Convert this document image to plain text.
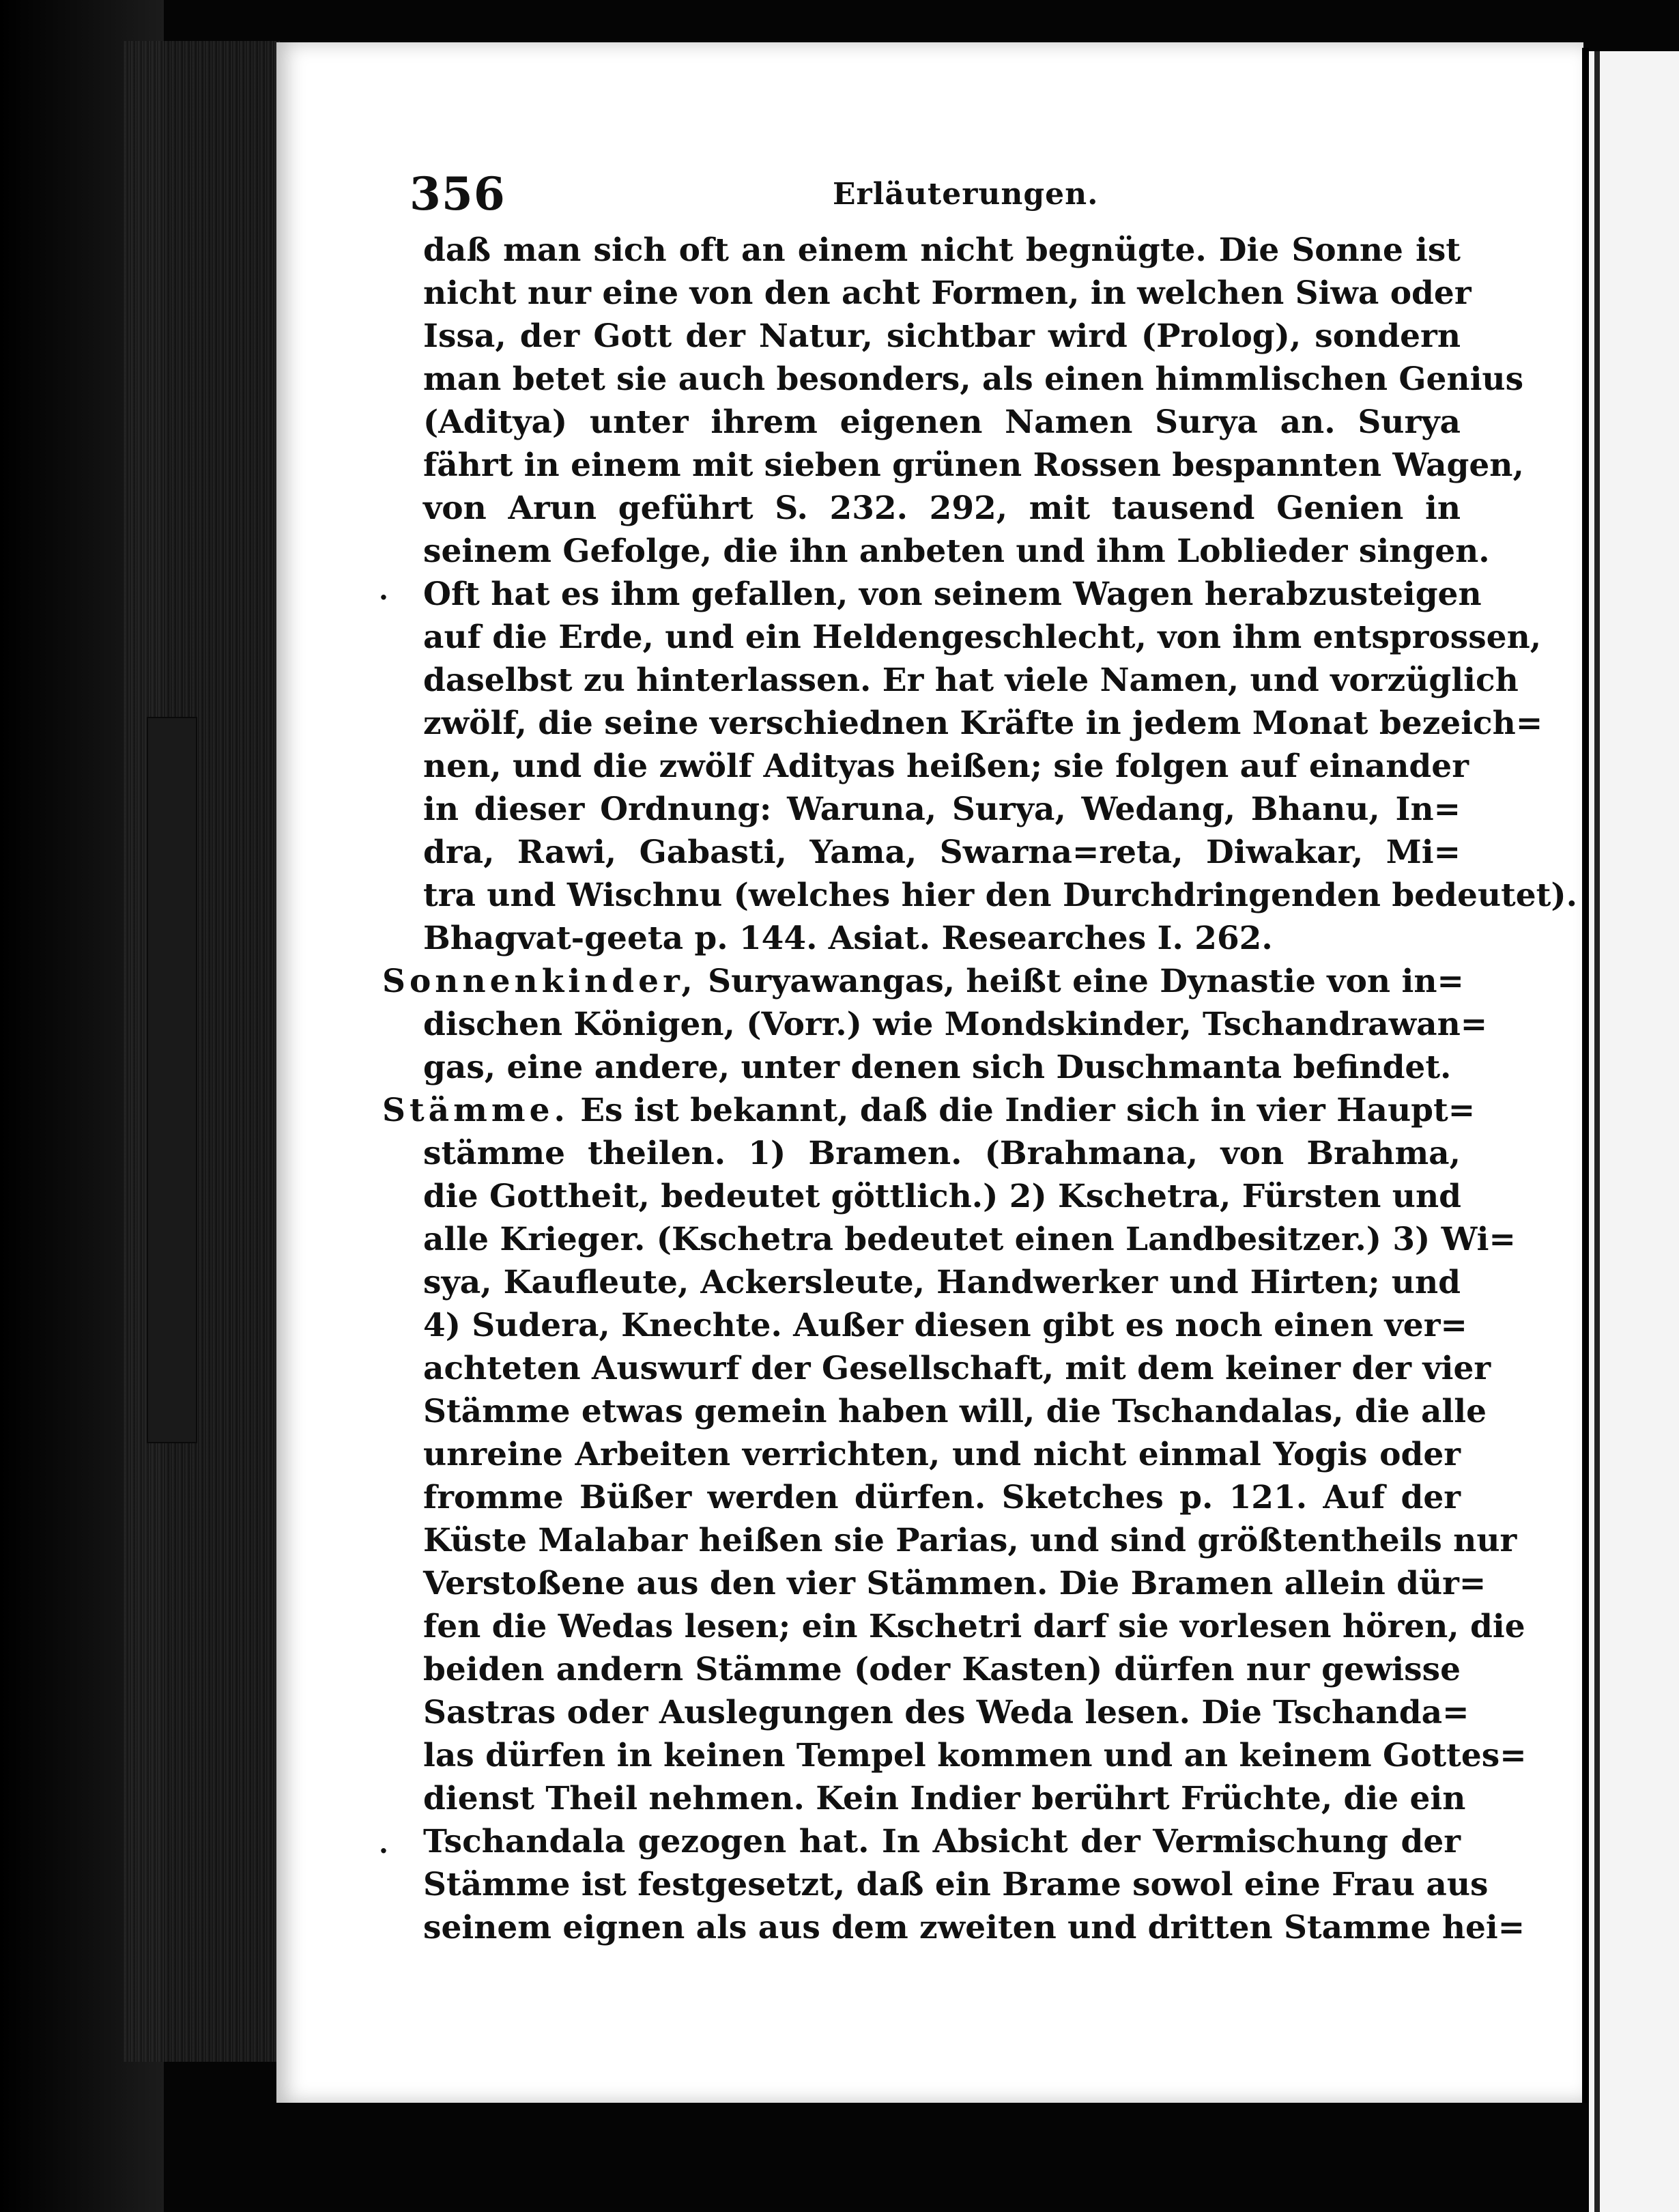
356	Erläuterungen.
·
·
daß man sich oft an einem nicht begnügte. Die Sonne ist
nicht nur eine von den acht Formen, in welchen Siwa oder
Issa, der Gott der Natur, sichtbar wird (Prolog), sondern
man betet sie auch besonders, als einen himmlischen Genius
(Aditya) unter ihrem eigenen Namen Surya an. Surya
fährt in einem mit sieben grünen Rossen bespannten Wagen,
von Arun geführt S. 232. 292, mit tausend Genien in
seinem Gefolge, die ihn anbeten und ihm Loblieder singen.
Oft hat es ihm gefallen, von seinem Wagen herabzusteigen
auf die Erde, und ein Heldengeschlecht, von ihm entsprossen,
daselbst zu hinterlassen. Er hat viele Namen, und vorzüglich
zwölf, die seine verschiednen Kräfte in jedem Monat bezeich=
nen, und die zwölf Adityas heißen; sie folgen auf einander
in dieser Ordnung: Waruna, Surya, Wedang, Bhanu, In=
dra, Rawi, Gabasti, Yama, Swarna=reta, Diwakar, Mi=
tra und Wischnu (welches hier den Durchdringenden bedeutet).
Bhagvat-geeta p. 144. Asiat. Researches I. 262.
Sonnenkinder, Suryawangas, heißt eine Dynastie von in=
dischen Königen, (Vorr.) wie Mondskinder, Tschandrawan=
gas, eine andere, unter denen sich Duschmanta befindet.
Stämme. Es ist bekannt, daß die Indier sich in vier Haupt=
stämme theilen. 1) Bramen. (Brahmana, von Brahma,
die Gottheit, bedeutet göttlich.) 2) Kschetra, Fürsten und
alle Krieger. (Kschetra bedeutet einen Landbesitzer.) 3) Wi=
sya, Kaufleute, Ackersleute, Handwerker und Hirten; und
4) Sudera, Knechte. Außer diesen gibt es noch einen ver=
achteten Auswurf der Gesellschaft, mit dem keiner der vier
Stämme etwas gemein haben will, die Tschandalas, die alle
unreine Arbeiten verrichten, und nicht einmal Yogis oder
fromme Büßer werden dürfen. Sketches p. 121. Auf der
Küste Malabar heißen sie Parias, und sind größtentheils nur
Verstoßene aus den vier Stämmen. Die Bramen allein dür=
fen die Wedas lesen; ein Kschetri darf sie vorlesen hören, die
beiden andern Stämme (oder Kasten) dürfen nur gewisse
Sastras oder Auslegungen des Weda lesen. Die Tschanda=
las dürfen in keinen Tempel kommen und an keinem Gottes=
dienst Theil nehmen. Kein Indier berührt Früchte, die ein
Tschandala gezogen hat. In Absicht der Vermischung der
Stämme ist festgesetzt, daß ein Brame sowol eine Frau aus
seinem eignen als aus dem zweiten und dritten Stamme hei=
